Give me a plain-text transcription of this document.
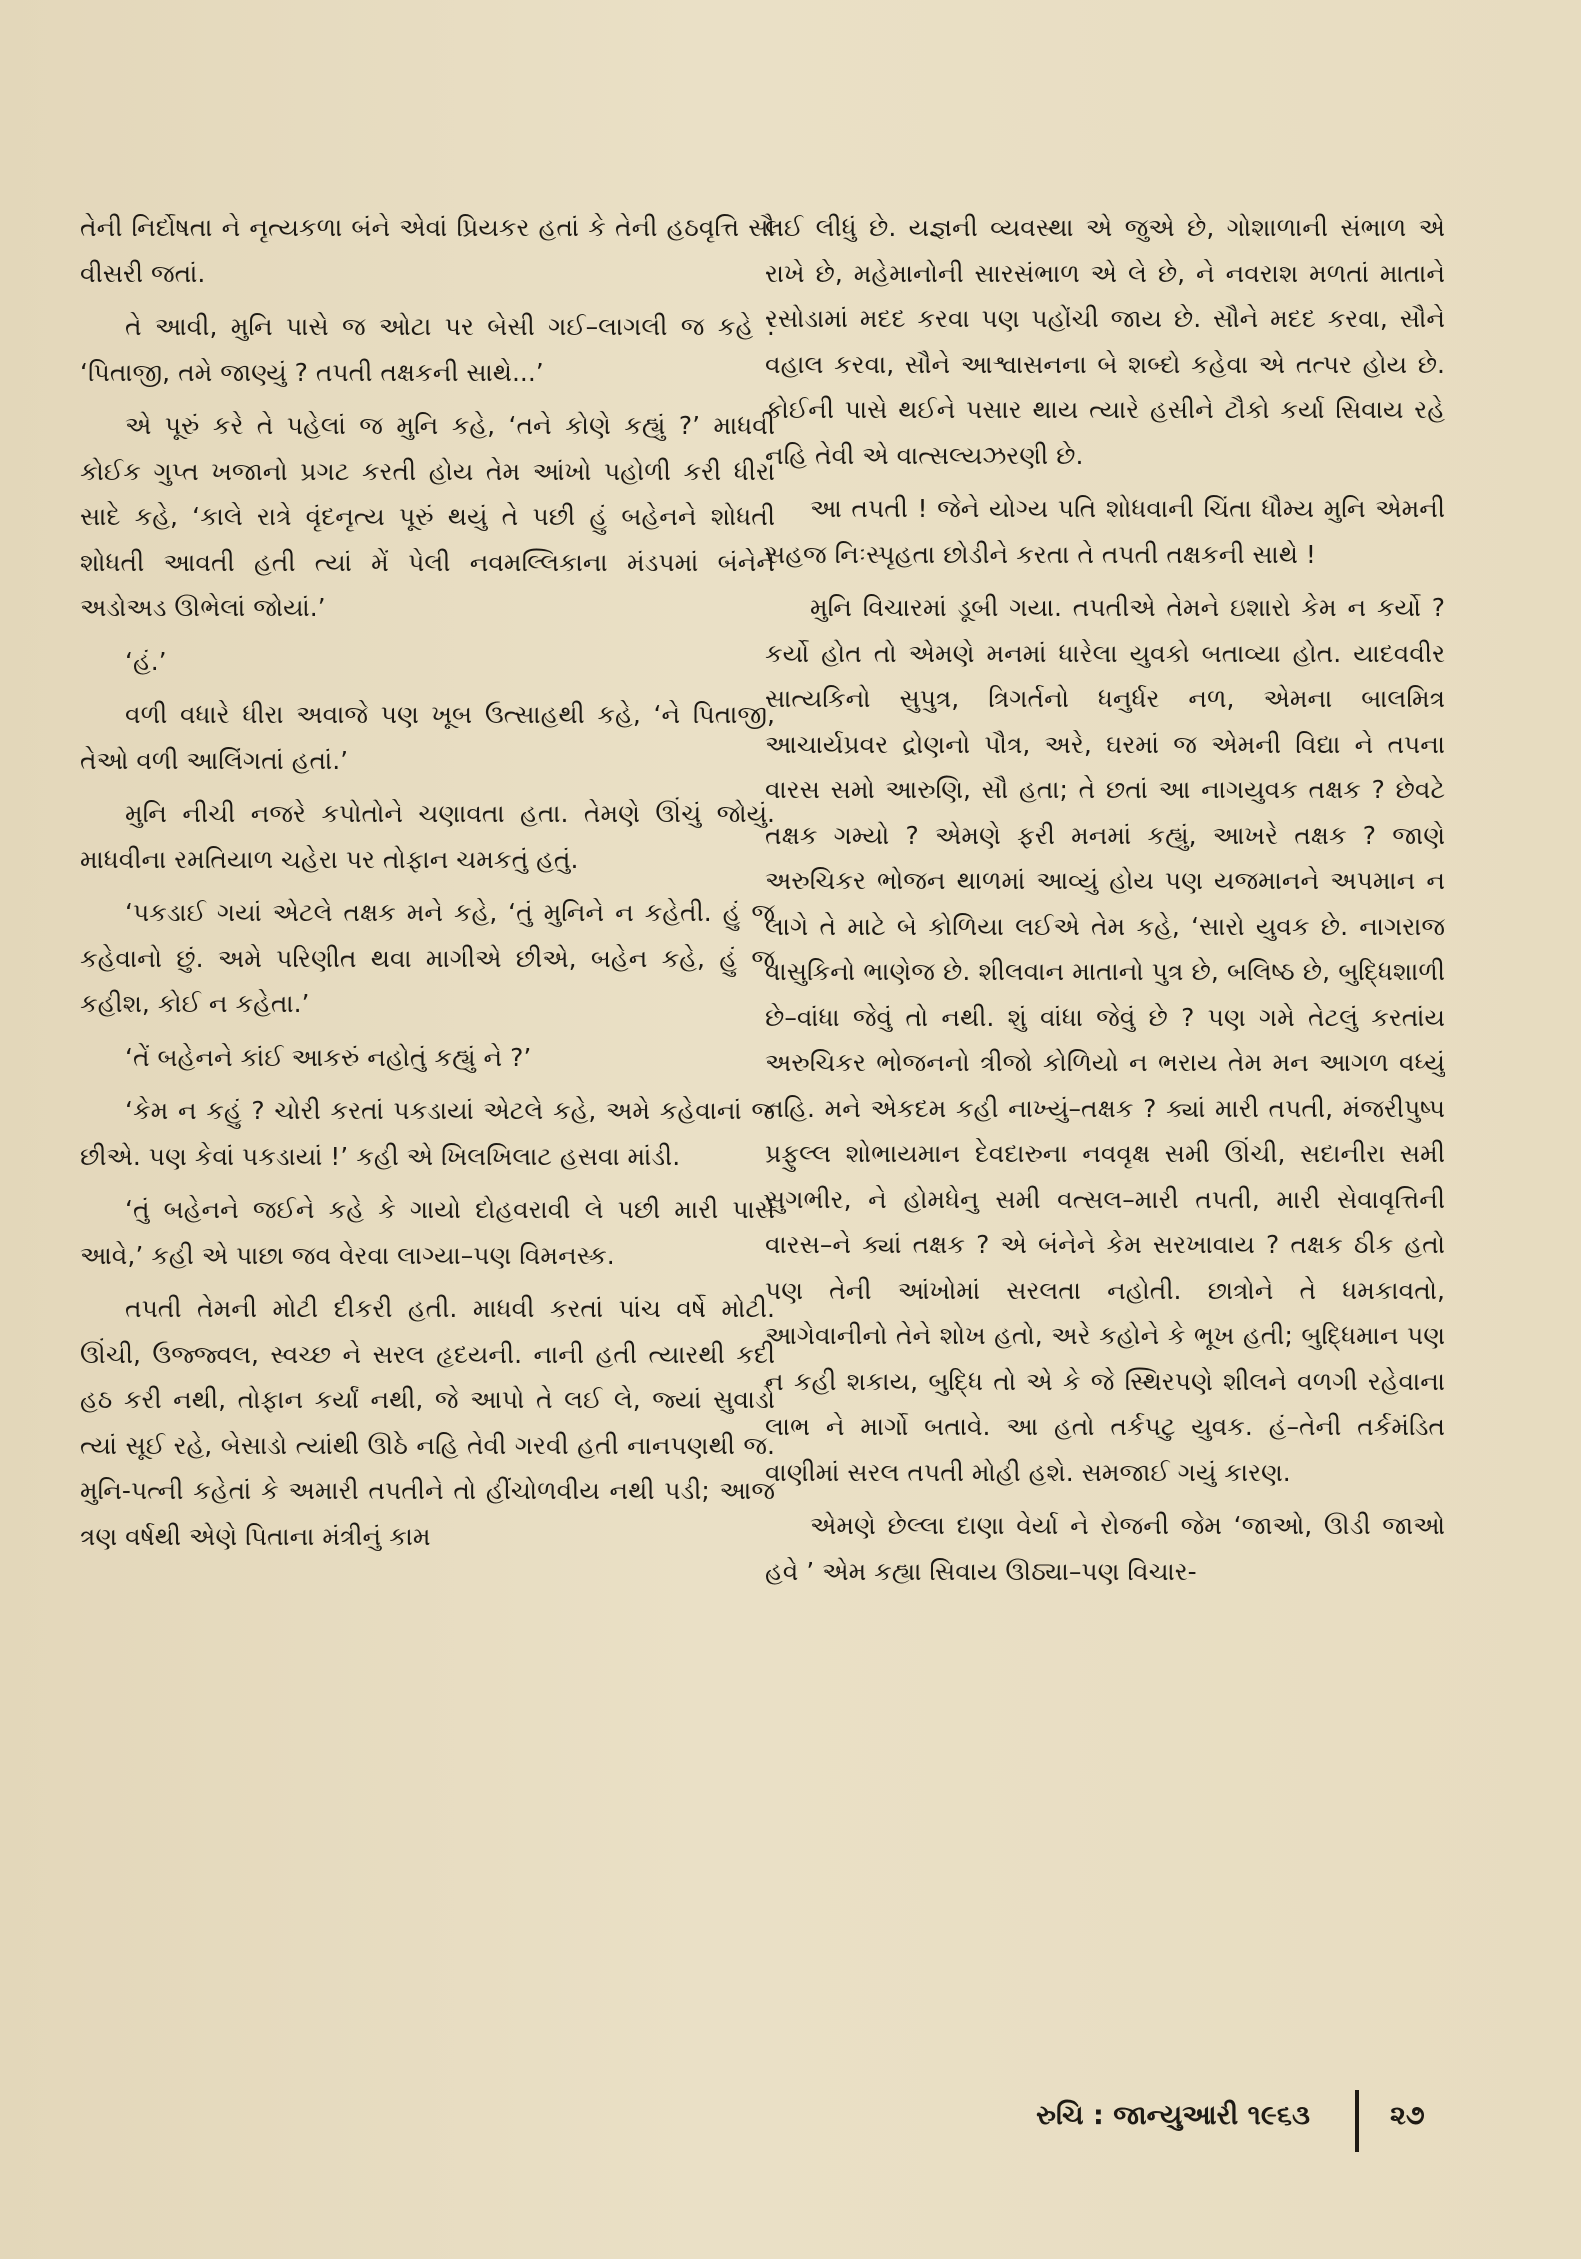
તેની નિર્દોષતા ને નૃત્યકળા બંને એવાં પ્રિયકર હતાં કે તેની હઠવૃત્તિ સૌ વીસરી જતાં.

તે આવી, મુનિ પાસે જ ઓટા પર બેસી ગઈ–લાગલી જ કહે : ‘પિતાજી, તમે જાણ્યું ? તપતી તક્ષકની સાથે...’

એ પૂરું કરે તે પહેલાં જ મુનિ કહે, ‘તને કોણે કહ્યું ?’ માધવી કોઈક ગુપ્ત ખજાનો પ્રગટ કરતી હોય તેમ આંખો પહોળી કરી ધીરા સાદે કહે, ‘કાલે રાત્રે વૃંદનૃત્ય પૂરું થયું તે પછી હું બહેનને શોધતી શોધતી આવતી હતી ત્યાં મેં પેલી નવમલ્લિકાના મંડપમાં બંનેને અડોઅડ ઊભેલાં જોયાં.’

‘હં.’

વળી વધારે ધીરા અવાજે પણ ખૂબ ઉત્સાહથી કહે, ‘ને પિતાજી, તેઓ વળી આલિંગતાં હતાં.’

મુનિ નીચી નજરે કપોતોને ચણાવતા હતા. તેમણે ઊંચું જોયું. માધવીના રમતિયાળ ચહેરા પર તોફાન ચમકતું હતું.

‘પકડાઈ ગયાં એટલે તક્ષક મને કહે, ‘તું મુનિને ન કહેતી. હું જ કહેવાનો છું. અમે પરિણીત થવા માગીએ છીએ, બહેન કહે, હું જ કહીશ, કોઈ ન કહેતા.’

‘તેં બહેનને કાંઈ આકરું નહોતું કહ્યું ને ?’

‘કેમ ન કહું ? ચોરી કરતાં પકડાયાં એટલે કહે, અમે કહેવાનાં જ છીએ. પણ કેવાં પકડાયાં !’ કહી એ ખિલખિલાટ હસવા માંડી.

‘તું બહેનને જઈને કહે કે ગાયો દોહવરાવી લે પછી મારી પાસે આવે,’ કહી એ પાછા જવ વેરવા લાગ્યા–પણ વિમનસ્ક.

તપતી તેમની મોટી દીકરી હતી. માધવી કરતાં પાંચ વર્ષે મોટી. ઊંચી, ઉજ્જ્વલ, સ્વચ્છ ને સરલ હૃદયની. નાની હતી ત્યારથી કદી હઠ કરી નથી, તોફાન કર્યાં નથી, જે આપો તે લઈ લે, જ્યાં સુવાડો ત્યાં સૂઈ રહે, બેસાડો ત્યાંથી ઊઠે નહિ તેવી ગરવી હતી નાનપણથી જ. મુનિ-પત્ની કહેતાં કે અમારી તપતીને તો હીંચોળવીય નથી પડી; આજ ત્રણ વર્ષથી એણે પિતાના મંત્રીનું કામ

લઈ લીધું છે. યજ્ઞની વ્યવસ્થા એ જુએ છે, ગોશાળાની સંભાળ એ રાખે છે, મહેમાનોની સારસંભાળ એ લે છે, ને નવરાશ મળતાં માતાને રસોડામાં મદદ કરવા પણ પહોંચી જાય છે. સૌને મદદ કરવા, સૌને વહાલ કરવા, સૌને આશ્વાસનના બે શબ્દો કહેવા એ તત્પર હોય છે. કોઈની પાસે થઈને પસાર થાય ત્યારે હસીને ટૌકો કર્યા સિવાય રહે નહિ તેવી એ વાત્સલ્યઝરણી છે.

આ તપતી ! જેને યોગ્ય પતિ શોધવાની ચિંતા ધૌમ્ય મુનિ એમની સહજ નિઃસ્પૃહતા છોડીને કરતા તે તપતી તક્ષકની સાથે !

મુનિ વિચારમાં ડૂબી ગયા. તપતીએ તેમને ઇશારો કેમ ન કર્યો ? કર્યો હોત તો એમણે મનમાં ધારેલા યુવકો બતાવ્યા હોત. યાદવવીર સાત્યકિનો સુપુત્ર, ત્રિગર્તનો ધનુર્ધર નળ, એમના બાલમિત્ર આચાર્યપ્રવર દ્રોણનો પૌત્ર, અરે, ઘરમાં જ એમની વિદ્યા ને તપના વારસ સમો આરુણિ, સૌ હતા; તે છતાં આ નાગયુવક તક્ષક ? છેવટે તક્ષક ગમ્યો ? એમણે ફરી મનમાં કહ્યું, આખરે તક્ષક ? જાણે અરુચિકર ભોજન થાળમાં આવ્યું હોય પણ યજમાનને અપમાન ન લાગે તે માટે બે કોળિયા લઈએ તેમ કહે, ‘સારો યુવક છે. નાગરાજ વાસુકિનો ભાણેજ છે. શીલવાન માતાનો પુત્ર છે, બલિષ્ઠ છે, બુદ્ધિશાળી છે–વાંધા જેવું તો નથી. શું વાંધા જેવું છે ? પણ ગમે તેટલું કરતાંય અરુચિકર ભોજનનો ત્રીજો કોળિયો ન ભરાય તેમ મન આગળ વધ્યું નહિ. મને એકદમ કહી નાખ્યું–તક્ષક ? ક્યાં મારી તપતી, મંજરીપુષ્પ પ્રફુલ્લ શોભાયમાન દેવદારુના નવવૃક્ષ સમી ઊંચી, સદાનીરા સમી સુગભીર, ને હોમધેનુ સમી વત્સલ–મારી તપતી, મારી સેવાવૃત્તિની વારસ–ને ક્યાં તક્ષક ? એ બંનેને કેમ સરખાવાય ? તક્ષક ઠીક હતો પણ તેની આંખોમાં સરલતા નહોતી. છાત્રોને તે ધમકાવતો, આગેવાનીનો તેને શોખ હતો, અરે કહોને કે ભૂખ હતી; બુદ્ધિમાન પણ ન કહી શકાય, બુદ્ધિ તો એ કે જે સ્થિરપણે શીલને વળગી રહેવાના લાભ ને માર્ગો બતાવે. આ હતો તર્કપટુ યુવક. હં–તેની તર્કમંડિત વાણીમાં સરલ તપતી મોહી હશે. સમજાઈ ગયું કારણ.

એમણે છેલ્લા દાણા વેર્યા ને રોજની જેમ ‘જાઓ, ઊડી જાઓ હવે ’ એમ કહ્યા સિવાય ઊઠ્યા–પણ વિચાર-

રુચિ : જાન્યુઆરી ૧૯૬૩	૨૭
